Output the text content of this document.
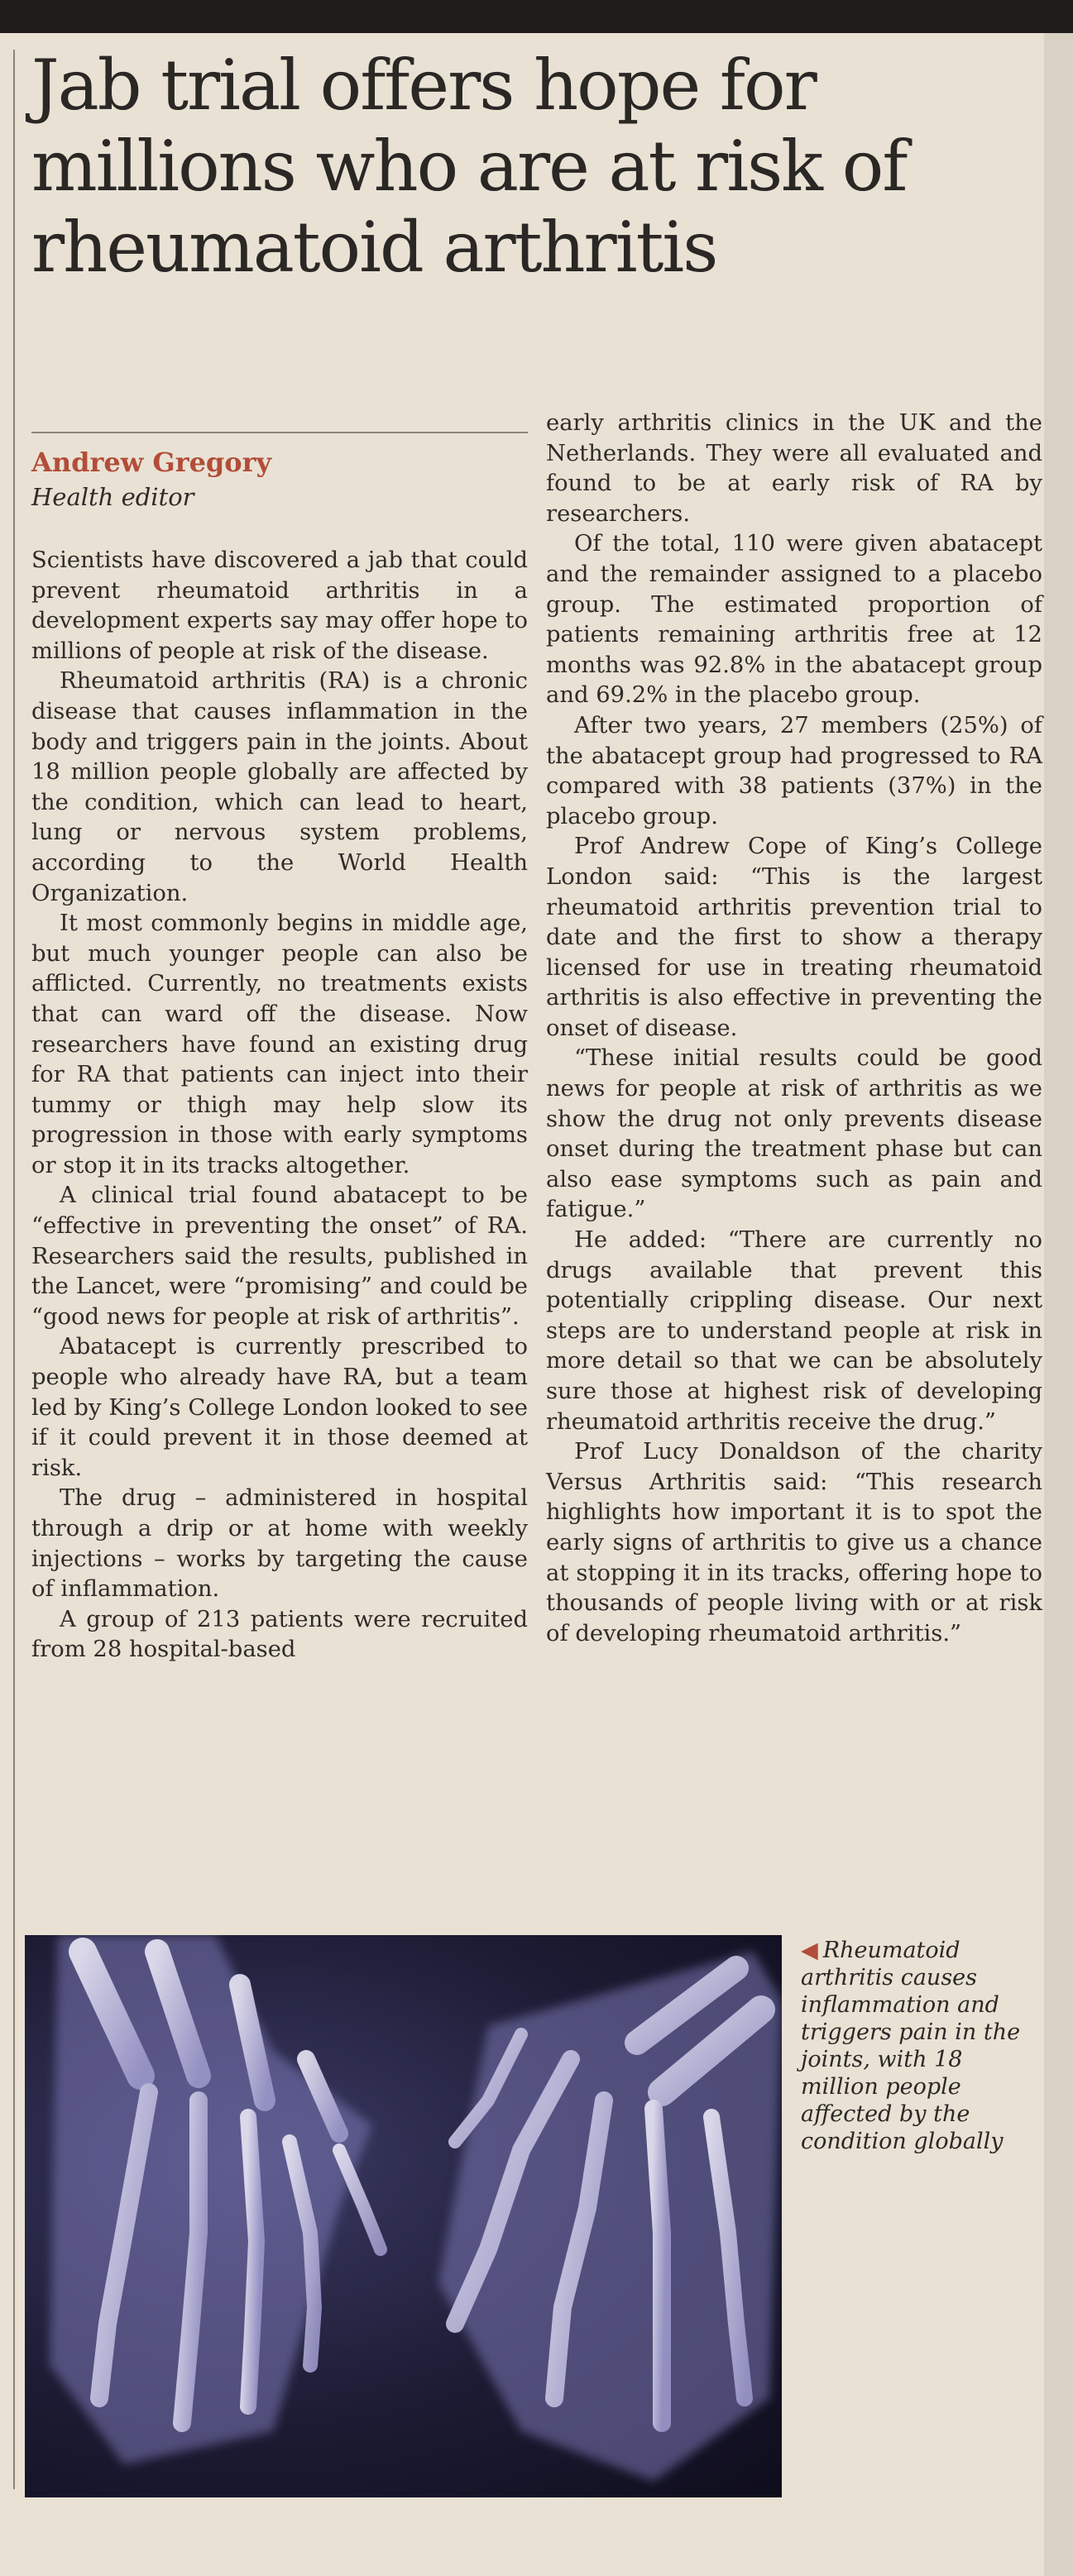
Jab trial offers hope for millions who are at risk of rheumatoid arthritis
Andrew Gregory
Health editor

Scientists have discovered a jab that could prevent rheumatoid arthritis in a development experts say may offer hope to millions of people at risk of the disease.

Rheumatoid arthritis (RA) is a chronic disease that causes inflammation in the body and triggers pain in the joints. About 18 million people globally are affected by the condition, which can lead to heart, lung or nervous system problems, according to the World Health Organization.

It most commonly begins in middle age, but much younger people can also be afflicted. Currently, no treatments exists that can ward off the disease. Now researchers have found an existing drug for RA that patients can inject into their tummy or thigh may help slow its progression in those with early symptoms or stop it in its tracks altogether.

A clinical trial found abatacept to be “effective in preventing the onset” of RA. Researchers said the results, published in the Lancet, were “promising” and could be “good news for people at risk of arthritis”.

Abatacept is currently prescribed to people who already have RA, but a team led by King’s College London looked to see if it could prevent it in those deemed at risk.

The drug – administered in hospital through a drip or at home with weekly injections – works by targeting the cause of inflammation.

A group of 213 patients were recruited from 28 hospital-based

early arthritis clinics in the UK and the Netherlands. They were all evaluated and found to be at early risk of RA by researchers.

Of the total, 110 were given abatacept and the remainder assigned to a placebo group. The estimated proportion of patients remaining arthritis free at 12 months was 92.8% in the abatacept group and 69.2% in the placebo group.

After two years, 27 members (25%) of the abatacept group had progressed to RA compared with 38 patients (37%) in the placebo group.

Prof Andrew Cope of King’s College London said: “This is the largest rheumatoid arthritis prevention trial to date and the first to show a therapy licensed for use in treating rheumatoid arthritis is also effective in preventing the onset of disease.

“These initial results could be good news for people at risk of arthritis as we show the drug not only prevents disease onset during the treatment phase but can also ease symptoms such as pain and fatigue.”

He added: “There are currently no drugs available that prevent this potentially crippling disease. Our next steps are to understand people at risk in more detail so that we can be absolutely sure those at highest risk of developing rheumatoid arthritis receive the drug.”

Prof Lucy Donaldson of the charity Versus Arthritis said: “This research highlights how important it is to spot the early signs of arthritis to give us a chance at stopping it in its tracks, offering hope to thousands of people living with or at risk of developing rheumatoid arthritis.”

◀ Rheumatoid arthritis causes inflammation and triggers pain in the joints, with 18 million people affected by the condition globally
